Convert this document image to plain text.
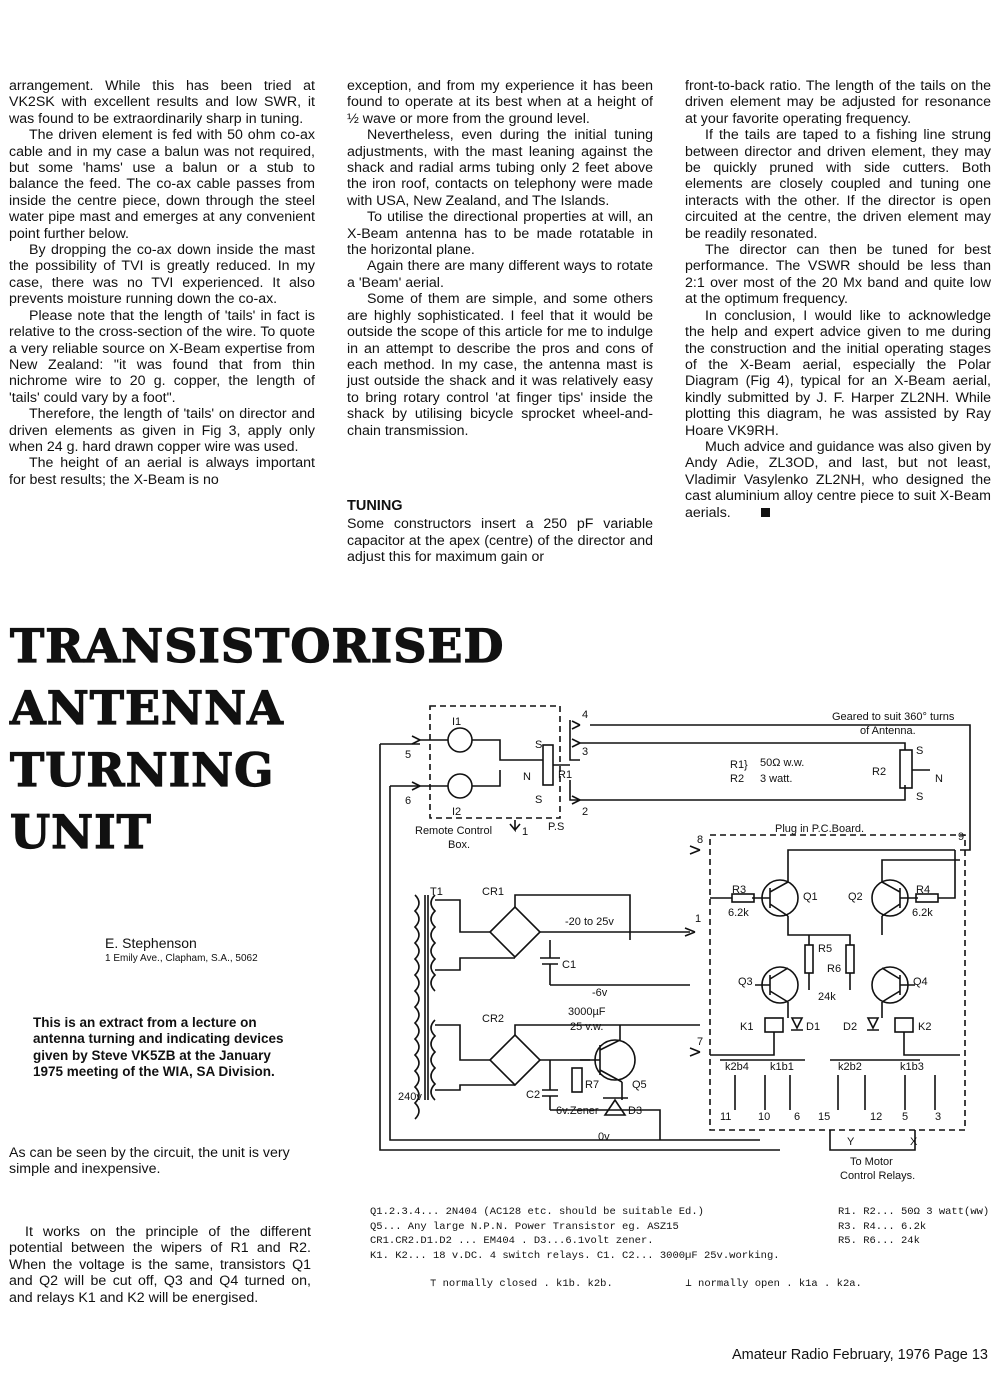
arrangement. While this has been tried at VK2SK with excellent results and low SWR, it was found to be extraordinarily sharp in tuning.

The driven element is fed with 50 ohm co-ax cable and in my case a balun was not required, but some 'hams' use a balun or a stub to balance the feed. The co-ax cable passes from inside the centre piece, down through the steel water pipe mast and emerges at any convenient point further below.

By dropping the co-ax down inside the mast the possibility of TVI is greatly reduced. In my case, there was no TVI experienced. It also prevents moisture running down the co-ax.

Please note that the length of 'tails' in fact is relative to the cross-section of the wire. To quote a very reliable source on X-Beam expertise from New Zealand: "it was found that from thin nichrome wire to 20 g. copper, the length of 'tails' could vary by a foot".

Therefore, the length of 'tails' on director and driven elements as given in Fig 3, apply only when 24 g. hard drawn copper wire was used.

The height of an aerial is always important for best results; the X-Beam is no

exception, and from my experience it has been found to operate at its best when at a height of ½ wave or more from the ground level.

Nevertheless, even during the initial tuning adjustments, with the mast leaning against the shack and radial arms tubing only 2 feet above the iron roof, contacts on telephony were made with USA, New Zealand, and The Islands.

To utilise the directional properties at will, an X-Beam antenna has to be made rotatable in the horizontal plane.

Again there are many different ways to rotate a 'Beam' aerial.

Some of them are simple, and some others are highly sophisticated. I feel that it would be outside the scope of this article for me to indulge in an attempt to describe the pros and cons of each method. In my case, the antenna mast is just outside the shack and it was relatively easy to bring rotary control 'at finger tips' inside the shack by utilising bicycle sprocket wheel-and-chain transmission.

front-to-back ratio. The length of the tails on the driven element may be adjusted for resonance at your favorite operating frequency.

If the tails are taped to a fishing line strung between director and driven element, they may be quickly pruned with side cutters. Both elements are closely coupled and tuning one interacts with the other. If the director is open circuited at the centre, the driven element may be readily resonated.

The director can then be tuned for best performance. The VSWR should be less than 2:1 over most of the 20 Mx band and quite low at the optimum frequency.

In conclusion, I would like to acknowledge the help and expert advice given to me during the construction and the initial operating stages of the X-Beam aerial, especially the Polar Diagram (Fig 4), typical for an X-Beam aerial, kindly submitted by J. F. Harper ZL2NH. While plotting this diagram, he was assisted by Ray Hoare VK9RH.

Much advice and guidance was also given by Andy Adie, ZL3OD, and last, but not least, Vladimir Vasylenko ZL2NH, who designed the cast aluminium alloy centre piece to suit X-Beam aerials.

TUNING
Some constructors insert a 250 pF variable capacitor at the apex (centre) of the director and adjust this for maximum gain or
TRANSISTORISED
ANTENNA
TURNING
UNIT
E. Stephenson
1 Emily Ave., Clapham, S.A., 5062
This is an extract from a lecture on antenna turning and indicating devices given by Steve VK5ZB at the January 1975 meeting of the WIA, SA Division.

As can be seen by the circuit, the unit is very simple and inexpensive.

It works on the principle of the different potential between the wipers of R1 and R2. When the voltage is the same, transistors Q1 and Q2 will be cut off, Q3 and Q4 turned on, and relays K1 and K2 will be energised.

Geared to suit 360° turns
of Antenna.
Remote Control
Box.
I1
I2
R1
S
S
N
P.S
R1}
R2
50Ω w.w.
3 watt.
R2
S
S
N
Plug in P.C.Board.
T1	CR1
CR2
-20 to 25v
-6v
C1
3000µF
25 v.w.
C2
R7	Q5
6v.Zener	D3
0v
240v
R3
6.2k
Q1	Q2
R4
6.2k
R5
R6
24k
Q3	Q4
K1	D1 D2	K2
k2b4 k1b1	k2b2	k1b3
11 10 6 15	12 5 3
Y	X
To Motor
Control Relays.
5
6
4
3
2
1
1
8
7
9
Q1.2.3.4... 2N404 (AC128 etc. should be suitable Ed.)
Q5... Any large N.P.N. Power Transistor eg. ASZ15
CR1.CR2.D1.D2 ... EM404 . D3...6.1volt zener.
K1. K2... 18 v.DC. 4 switch relays. C1. C2... 3000µF 25v.working.
R1. R2... 50Ω 3 watt(ww)
R3. R4... 6.2k
R5. R6... 24k
⊤ normally closed . k1b. k2b.	⊥ normally open . k1a . k2a.
Amateur Radio February, 1976 Page 13
